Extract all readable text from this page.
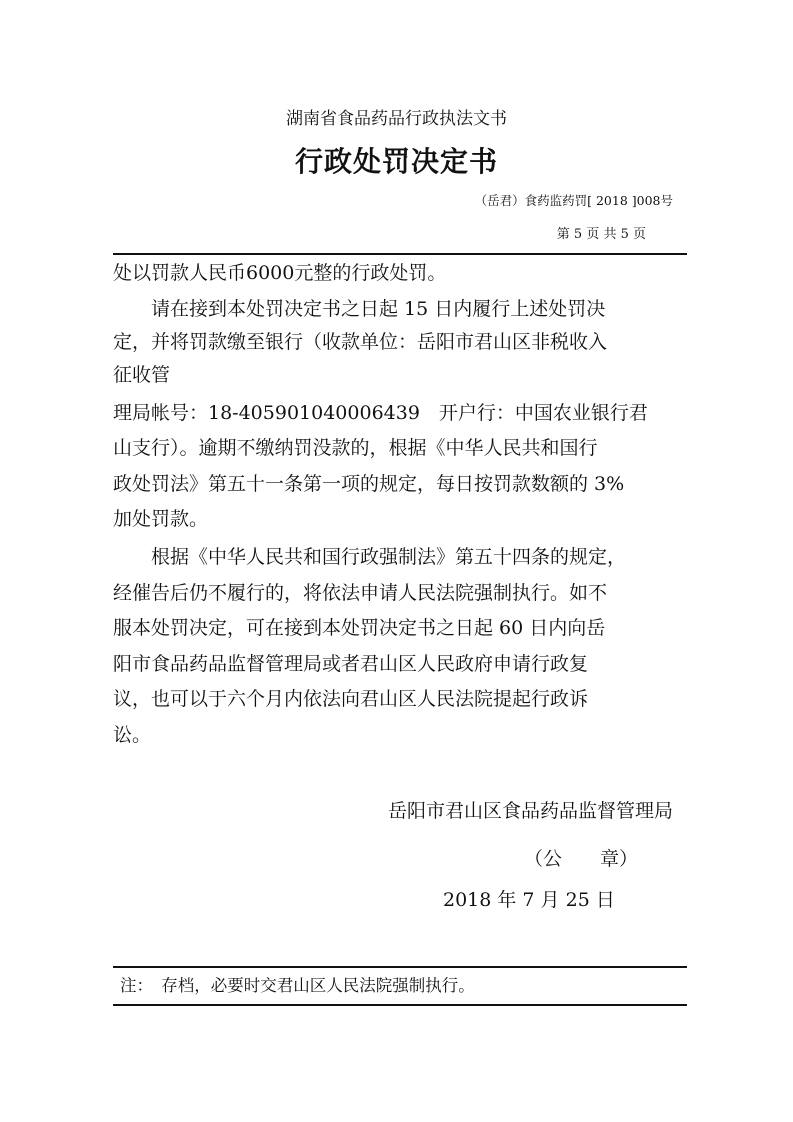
湖南省食品药品行政执法文书
行政处罚决定书
（岳君）食药监药罚[ 2018 ]008号
第 5 页 共 5 页
处以罚款人民币6000元整的行政处罚。
　　请在接到本处罚决定书之日起 15 日内履行上述处罚决
定，并将罚款缴至银行（收款单位：岳阳市君山区非税收入
征收管
理局帐号：18-405901040006439　开户行：中国农业银行君
山支行）。逾期不缴纳罚没款的，根据《中华人民共和国行
政处罚法》第五十一条第一项的规定，每日按罚款数额的 3%
加处罚款。
　　根据《中华人民共和国行政强制法》第五十四条的规定，
经催告后仍不履行的，将依法申请人民法院强制执行。如不
服本处罚决定，可在接到本处罚决定书之日起 60 日内向岳
阳市食品药品监督管理局或者君山区人民政府申请行政复
议，也可以于六个月内依法向君山区人民法院提起行政诉
讼。
岳阳市君山区食品药品监督管理局
（公　　章）
2018 年 7 月 25 日
注：　存档，必要时交君山区人民法院强制执行。
